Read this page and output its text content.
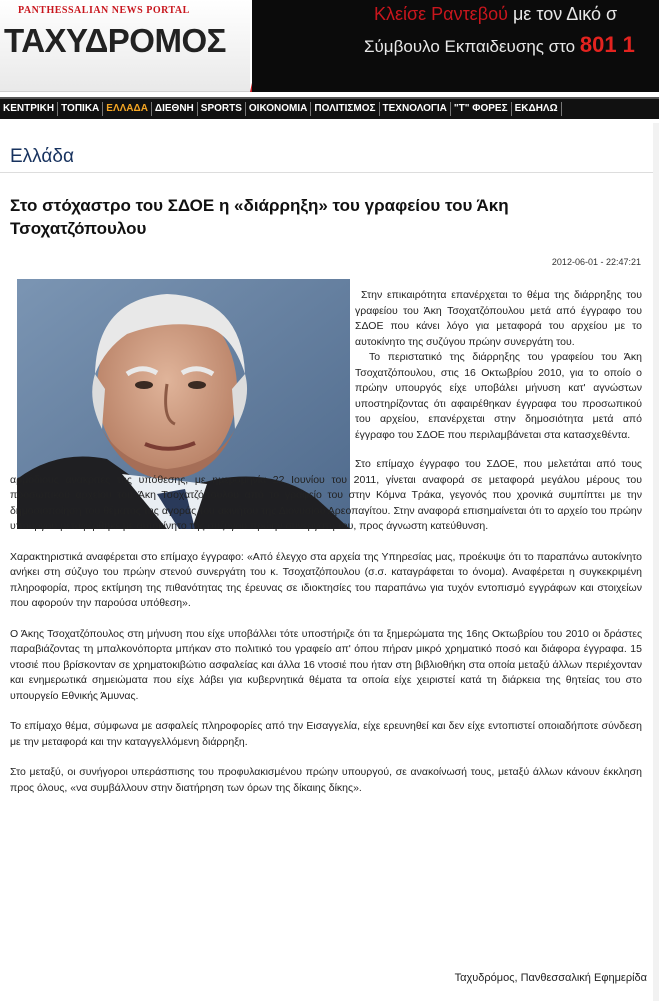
PANTHESSALIAN NEWS PORTAL
ΤΑΧΥΔΡΟΜΟΣ
Κλείσε Ραντεβού με τον Δικό σ
Σύμβουλο Εκπαιδευσης στο 801 1
ΚΕΝΤΡΙΚΗ ΤΟΠΙΚΑ ΕΛΛΑΔΑ ΔΙΕΘΝΗ SPORTS ΟΙΚΟΝΟΜΙΑ ΠΟΛΙΤΙΣΜΟΣ ΤΕΧΝΟΛΟΓΙΑ "Τ" ΦΟΡΕΣ ΕΚΔΗΛΩ
Ελλάδα
Στο στόχαστρο του ΣΔΟΕ η «διάρρηξη» του γραφείου του Άκη Τσοχατζόπουλου
2012-06-01 - 22:47:21

Στην επικαιρότητα επανέρχεται το θέμα της διάρρηξης του γραφείου του Άκη Τσοχατζόπουλου μετά από έγγραφο του ΣΔΟΕ που κάνει λόγο για μεταφορά του αρχείου με το αυτοκίνητο της συζύγου πρώην συνεργάτη του.

Το περιστατικό της διάρρηξης του γραφείου του Άκη Τσοχατζόπουλου, στις 16 Οκτωβρίου 2010, για το οποίο ο πρώην υπουργός είχε υποβάλει μήνυση κατ' αγνώστων υποστηρίζοντας ότι αφαιρέθηκαν έγγραφα του προσωπικού του αρχείου, επανέρχεται στην δημοσιότητα μετά από έγγραφο του ΣΔΟΕ που περιλαμβάνεται στα κατασχεθέντα.

Στο επίμαχο έγγραφο του ΣΔΟΕ, που μελετάται από τους αρμόδιους ανακριτές της υπόθεσης, με ημερομηνία 22 Ιουνίου του 2011, γίνεται αναφορά σε μεταφορά μεγάλου μέρους του προσωπικού αρχείου του Άκη Τσοχατζόπουλου από το γραφείο του στην Κόμνα Τράκα, γεγονός που χρονικά συμπίπτει με την δημοσιοποίηση του θέματος της αγοράς του ακινήτου της Διονυσίου Αρεοπαγίτου. Στην αναφορά επισημαίνεται ότι το αρχείο του πρώην υπουργού μεταφέρθηκε με αυτοκίνητο της συζύγου πρώην συνεργάτη του, προς άγνωστη κατεύθυνση.

Χαρακτηριστικά αναφέρεται στο επίμαχο έγγραφο: «Από έλεγχο στα αρχεία της Υπηρεσίας μας, προέκυψε ότι το παραπάνω αυτοκίνητο ανήκει στη σύζυγο του πρώην στενού συνεργάτη του κ. Τσοχατζόπουλου (σ.σ. καταγράφεται το όνομα). Αναφέρεται η συγκεκριμένη πληροφορία, προς εκτίμηση της πιθανότητας της έρευνας σε ιδιοκτησίες του παραπάνω για τυχόν εντοπισμό εγγράφων και στοιχείων που αφορούν την παρούσα υπόθεση».

Ο Άκης Τσοχατζόπουλος στη μήνυση που είχε υποβάλλει τότε υποστήριζε ότι τα ξημερώματα της 16ης Οκτωβρίου του 2010 οι δράστες παραβιάζοντας τη μπαλκονόπορτα μπήκαν στο πολιτικό του γραφείο απ' όπου πήραν μικρό χρηματικό ποσό και διάφορα έγγραφα. 15 ντοσιέ που βρίσκονταν σε χρηματοκιβώτιο ασφαλείας και άλλα 16 ντοσιέ που ήταν στη βιβλιοθήκη στα οποία μεταξύ άλλων περιέχονταν και ενημερωτικά σημειώματα που είχε λάβει για κυβερνητικά θέματα τα οποία είχε χειριστεί κατά τη διάρκεια της θητείας του στο υπουργείο Εθνικής Άμυνας.

Το επίμαχο θέμα, σύμφωνα με ασφαλείς πληροφορίες από την Εισαγγελία, είχε ερευνηθεί και δεν είχε εντοπιστεί οποιαδήποτε σύνδεση με την μεταφορά και την καταγγελλόμενη διάρρηξη.

Στο μεταξύ, οι συνήγοροι υπεράσπισης του προφυλακισμένου πρώην υπουργού, σε ανακοίνωσή τους, μεταξύ άλλων κάνουν έκκληση προς όλους, «να συμβάλλουν στην διατήρηση των όρων της δίκαιης δίκης».

Ταχυδρόμος, Πανθεσσαλική Εφημερίδα
